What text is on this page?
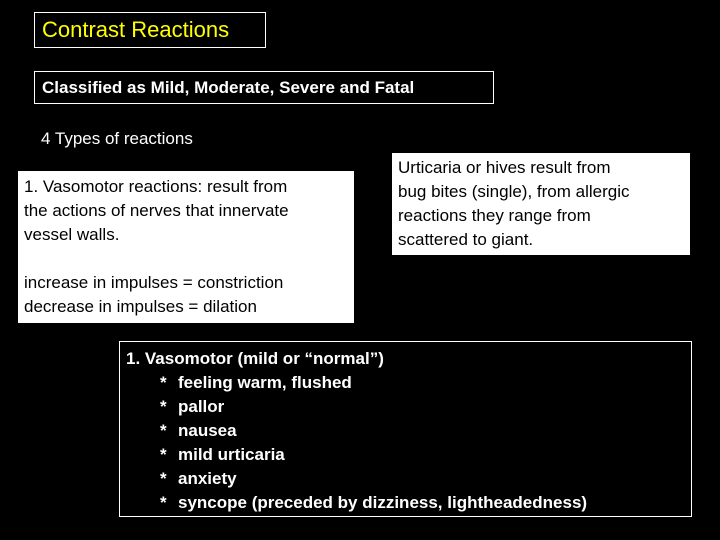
Contrast Reactions
Classified as Mild, Moderate, Severe and Fatal
4 Types of reactions
1. Vasomotor reactions: result from
the actions of nerves that innervate
vessel walls.
increase in impulses = constriction
decrease in impulses = dilation
Urticaria or hives result from
bug bites (single), from allergic
reactions they range from
scattered to giant.
1. Vasomotor (mild or “normal”)
* feeling warm, flushed
* pallor
* nausea
* mild urticaria
* anxiety
* syncope (preceded by dizziness, lightheadedness)
